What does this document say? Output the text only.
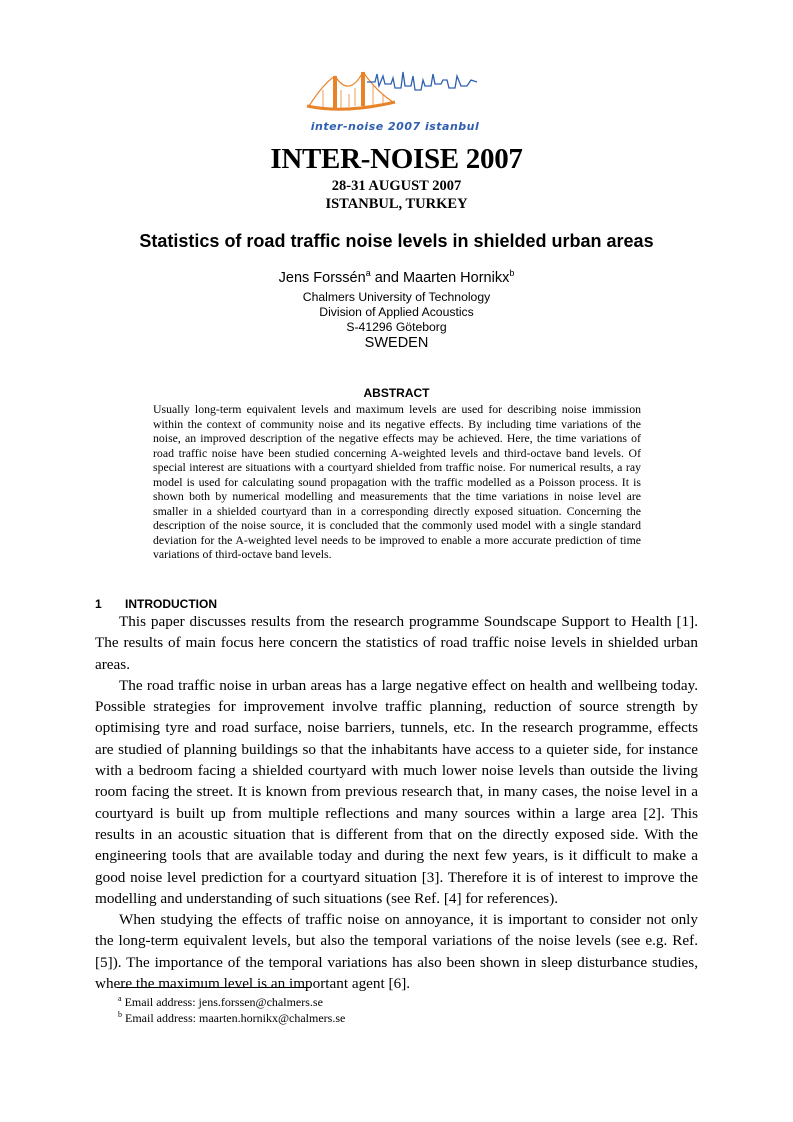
inter-noise 2007 istanbul
INTER-NOISE 2007
28-31 AUGUST 2007
ISTANBUL, TURKEY
Statistics of road traffic noise levels in shielded urban areas
Jens Forssén$^a$ and Maarten Hornikx$^b$
Chalmers University of Technology
Division of Applied Acoustics
S-41296 Göteborg
SWEDEN
ABSTRACT
Usually long-term equivalent levels and maximum levels are used for describing noise immission within the context of community noise and its negative effects. By including time variations of the noise, an improved description of the negative effects may be achieved. Here, the time variations of road traffic noise have been studied concerning A-weighted levels and third-octave band levels. Of special interest are situations with a courtyard shielded from traffic noise. For numerical results, a ray model is used for calculating sound propagation with the traffic modelled as a Poisson process. It is shown both by numerical modelling and measurements that the time variations in noise level are smaller in a shielded courtyard than in a corresponding directly exposed situation. Concerning the description of the noise source, it is concluded that the commonly used model with a single standard deviation for the A-weighted level needs to be improved to enable a more accurate prediction of time variations of third-octave band levels.
1 INTRODUCTION

This paper discusses results from the research programme Soundscape Support to Health [1]. The results of main focus here concern the statistics of road traffic noise levels in shielded urban areas.

The road traffic noise in urban areas has a large negative effect on health and wellbeing today. Possible strategies for improvement involve traffic planning, reduction of source strength by optimising tyre and road surface, noise barriers, tunnels, etc. In the research programme, effects are studied of planning buildings so that the inhabitants have access to a quieter side, for instance with a bedroom facing a shielded courtyard with much lower noise levels than outside the living room facing the street. It is known from previous research that, in many cases, the noise level in a courtyard is built up from multiple reflections and many sources within a large area [2]. This results in an acoustic situation that is different from that on the directly exposed side. With the engineering tools that are available today and during the next few years, is it difficult to make a good noise level prediction for a courtyard situation [3]. Therefore it is of interest to improve the modelling and understanding of such situations (see Ref. [4] for references).

When studying the effects of traffic noise on annoyance, it is important to consider not only the long-term equivalent levels, but also the temporal variations of the noise levels (see e.g. Ref. [5]). The importance of the temporal variations has also been shown in sleep disturbance studies, where the maximum level is an important agent [6].

$^a$ Email address: jens.forssen@chalmers.se
$^b$ Email address: maarten.hornikx@chalmers.se
